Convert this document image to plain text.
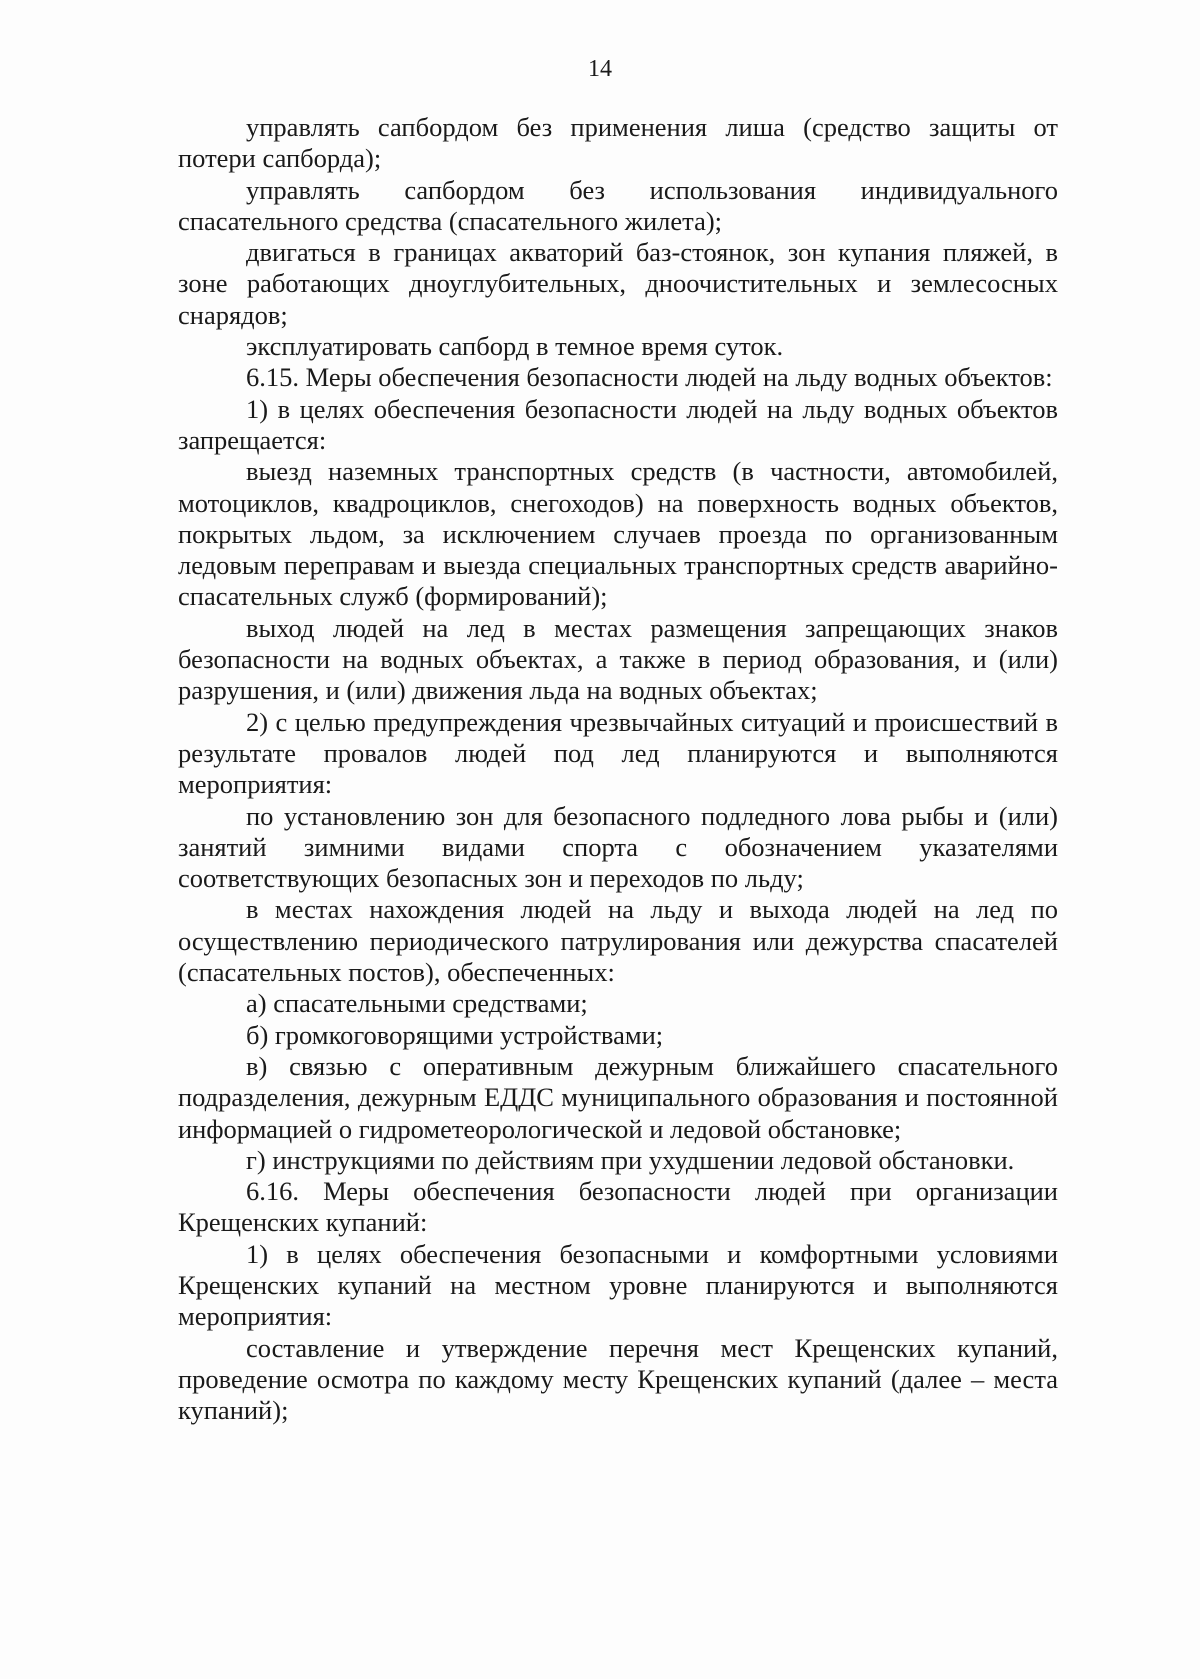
14

управлять сапбордом без применения лиша (средство защиты от потери сапборда);

управлять сапбордом без использования индивидуального спасательного средства (спасательного жилета);

двигаться в границах акваторий баз-стоянок, зон купания пляжей, в зоне работающих дноуглубительных, дноочистительных и землесосных снарядов;

эксплуатировать сапборд в темное время суток.

6.15. Меры обеспечения безопасности людей на льду водных объектов:

1) в целях обеспечения безопасности людей на льду водных объектов запрещается:

выезд наземных транспортных средств (в частности, автомобилей, мотоциклов, квадроциклов, снегоходов) на поверхность водных объектов, покрытых льдом, за исключением случаев проезда по организованным ледовым переправам и выезда специальных транспортных средств аварийно-спасательных служб (формирований);

выход людей на лед в местах размещения запрещающих знаков безопасности на водных объектах, а также в период образования, и (или) разрушения, и (или) движения льда на водных объектах;

2) с целью предупреждения чрезвычайных ситуаций и происшествий в результате провалов людей под лед планируются и выполняются мероприятия:

по установлению зон для безопасного подледного лова рыбы и (или) занятий зимними видами спорта с обозначением указателями соответствующих безопасных зон и переходов по льду;

в местах нахождения людей на льду и выхода людей на лед по осуществлению периодического патрулирования или дежурства спасателей (спасательных постов), обеспеченных:

а) спасательными средствами;

б) громкоговорящими устройствами;

в) связью с оперативным дежурным ближайшего спасательного подразделения, дежурным ЕДДС муниципального образования и постоянной информацией о гидрометеорологической и ледовой обстановке;

г) инструкциями по действиям при ухудшении ледовой обстановки.

6.16. Меры обеспечения безопасности людей при организации Крещенских купаний:

1) в целях обеспечения безопасными и комфортными условиями Крещенских купаний на местном уровне планируются и выполняются мероприятия:

составление и утверждение перечня мест Крещенских купаний, проведение осмотра по каждому месту Крещенских купаний (далее – места купаний);
